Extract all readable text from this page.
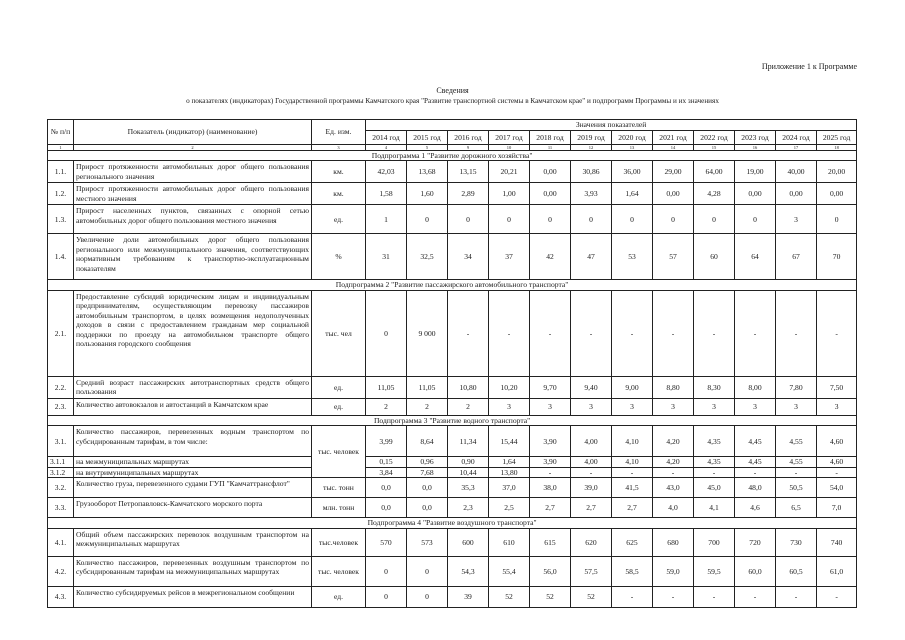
Приложение 1 к Программе
Сведения
о показателях (индикаторах) Государственной программы Камчатского края "Развитие транспортной системы в Камчатском крае" и подпрограмм Программы и их значениях
№ п/п	Показатель (индикатор) (наименование)	Ед. изм.	Значения показателей											
			2014 год	2015 год	2016 год	2017 год	2018 год	2019 год	2020 год	2021 год	2022 год	2023 год	2024 год	2025 год
1	2	3	4	5	9	10	11	12	13	14	15	16	17	18
Подпрограмма 1 "Развитие дорожного хозяйства"														
1.1.	Прирост протяженности автомобильных дорог общего пользования регионального значения	км.	42,03	13,68	13,15	20,21	0,00	30,86	36,00	29,00	64,00	19,00	40,00	20,00
1.2.	Прирост протяженности автомобильных дорог общего пользования местного значения	км.	1,58	1,60	2,89	1,00	0,00	3,93	1,64	0,00	4,28	0,00	0,00	0,00
1.3.	Прирост населенных пунктов, связанных с опорной сетью автомобильных дорог общего пользования местного значения	ед.	1	0	0	0	0	0	0	0	0	0	3	0
1.4.	Увеличение доли автомобильных дорог общего пользования регионального или межмуниципального значения, соответствующих нормативным требованиям к транспортно-эксплуатационным показателям	%	31	32,5	34	37	42	47	53	57	60	64	67	70
Подпрограмма 2 "Развитие пассажирского автомобильного транспорта"														
2.1.	Предоставление субсидий юридическим лицам и индивидуальным предпринимателям, осуществляющим перевозку пассажиров автомобильным транспортом, в целях возмещения недополученных доходов в связи с предоставлением гражданам мер социальной поддержки по проезду на автомобильном транспорте общего пользования городского сообщения	тыс. чел	0	9 000	-	-	-	-	-	-	-	-	-	-
2.2.	Средний возраст пассажирских автотранспортных средств общего пользования	ед.	11,05	11,05	10,80	10,20	9,70	9,40	9,00	8,80	8,30	8,00	7,80	7,50
2.3.	Количество автовокзалов и автостанций в Камчатском крае	ед.	2	2	2	3	3	3	3	3	3	3	3	3
Подпрограмма 3 "Развитие водного транспорта"														
3.1.	Количество пассажиров, перевезенных водным транспортом по субсидированным тарифам, в том числе:	тыс. человек	3,99	8,64	11,34	15,44	3,90	4,00	4,10	4,20	4,35	4,45	4,55	4,60
3.1.1	на межмуниципальных маршрутах		0,15	0,96	0,90	1,64	3,90	4,00	4,10	4,20	4,35	4,45	4,55	4,60
3.1.2	на внутримуниципальных маршрутах		3,84	7,68	10,44	13,80	-	-	-	-	-	-	-	-
3.2.	Количество груза, перевезенного судами ГУП "Камчаттрансфлот"	тыс. тонн	0,0	0,0	35,3	37,0	38,0	39,0	41,5	43,0	45,0	48,0	50,5	54,0
3.3.	Грузооборот Петропавловск-Камчатского морского порта	млн. тонн	0,0	0,0	2,3	2,5	2,7	2,7	2,7	4,0	4,1	4,6	6,5	7,0
Подпрограмма 4 "Развитие воздушного транспорта"														
4.1.	Общий объем пассажирских перевозок воздушным транспортом на межмуниципальных маршрутах	тыс.человек	570	573	600	610	615	620	625	680	700	720	730	740
4.2.	Количество пассажиров, перевезенных воздушным транспортом по субсидированным тарифам на межмуниципальных маршрутах	тыс. человек	0	0	54,3	55,4	56,0	57,5	58,5	59,0	59,5	60,0	60,5	61,0
4.3.	Количество субсидируемых рейсов в межрегиональном сообщении	ед.	0	0	39	52	52	52	-	-	-	-	-	-
